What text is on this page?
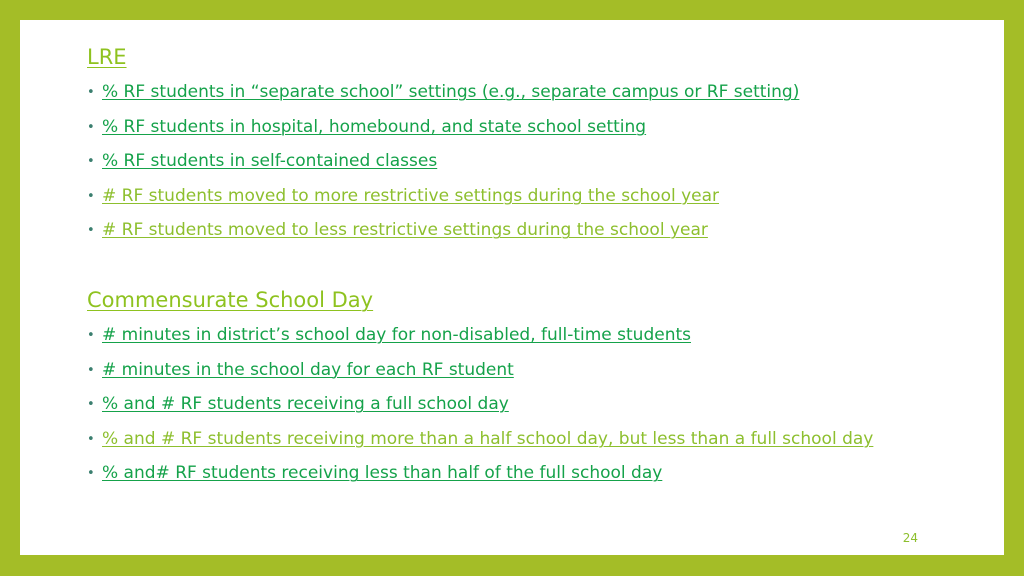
LRE
• % RF students in “separate school” settings (e.g., separate campus or RF setting)
• % RF students in hospital, homebound, and state school setting
• % RF students in self-contained classes
• # RF students moved to more restrictive settings during the school year
• # RF students moved to less restrictive settings during the school year
Commensurate School Day
• # minutes in district’s school day for non-disabled, full-time students
• # minutes in the school day for each RF student
• % and # RF students receiving a full school day
• % and # RF students receiving more than a half school day, but less than a full school day
• % and# RF students receiving less than half of the full school day
24
